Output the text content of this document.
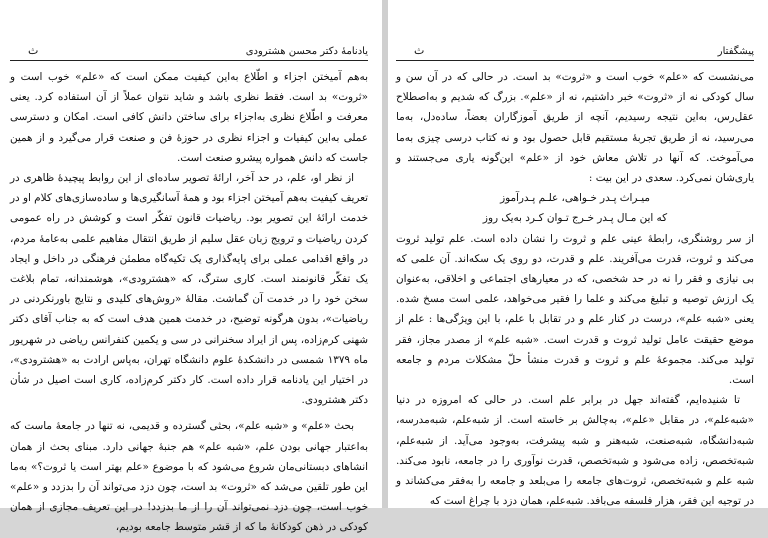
يادنامهٔ دکتر محسن هشترودی
ث

به‌هم آميختن اجزاء و اطّلاع به‌اين کيفيت ممکن است که «علم» خوب است و «ثروت» بد است. فقط نظری باشد و شايد نتوان عملاً از آن استفاده کرد. يعنی معرفت و اطّلاع نظری به‌اجزاء برای ساختن دانش کافی است. امکان و دسترسی عملی به‌اين کيفيات و اجزاء نظری در حوزهٔ فن و صنعت قرار می‌گيرد و از همين جاست که دانش همواره پيشرو صنعت است.

از نظر او، علم، در حد آخر، ارائهٔ تصوير ساده‌ای از اين روابط پيچيدهٔ ظاهری در تعريف کيفيت به‌هم آميختن اجزاء بود و همهٔ آسانگيری‌ها و ساده‌سازی‌های کلام او در خدمت ارائهٔ اين تصوير بود. رياضيات قانون تفکّر است و کوشش در راه عمومی کردن رياضيات و ترويج زبان عقل سليم از طريق انتقال مفاهيم علمی به‌عامهٔ مردم، در واقع اقدامی عملی برای پايه‌گذاری يک تکيه‌گاه مطمئن فرهنگی در داخل و ايجاد يک تفکّر قانونمند است. کاری سترگ، که «هشترودی»، هوشمندانه، تمام بلاغت سخن خود را در خدمت آن گماشت. مقالهٔ «روش‌های کليدی و نتايج باورنکردنی در رياضيات»، بدون هرگونه توضيح، در خدمت همين هدف است که به جناب آقای دکتر شهنی کرم‌زاده، پس از ايراد سخنرانی در سی و يکمين کنفرانس رياضی در شهريور ماه ۱۳۷۹ شمسی در دانشکدهٔ علوم دانشگاه تهران، به‌پاس ارادت به «هشترودی»، در اختيار اين يادنامه قرار داده است. کار دکتر کرم‌زاده، کاری است اصيل در شأن دکتر هشترودی.

بحث «علم» و «شبه علم»، بحثی گسترده و قديمی، نه تنها در جامعهٔ ماست که به‌اعتبار جهانی بودن علم، «شبه علم» هم جنبهٔ جهانی دارد. مبنای بحث از همان انشاهای دبستانی‌مان شروع می‌شود که با موضوع «علم بهتر است يا ثروت؟» به‌ما اين طور تلقين می‌شد که «ثروت» بد است، چون دزد می‌تواند آن را بدزدد و «علم» خوب است، چون دزد نمی‌تواند آن را از ما بدزدد! در اين تعريف مجازی از همان کودکی در ذهن کودکانهٔ ما که از قشر متوسط جامعه بوديم،

پيشگفتار
ث

می‌نشست که «علم» خوب است و «ثروت» بد است. در حالی که در آن سن و سال کودکی نه از «ثروت» خبر داشتيم، نه از «علم». بزرگ که شديم و به‌اصطلاح عقل‌رس، به‌اين نتيجه رسيديم، آنچه از طريق آموزگاران بعضاً، ساده‌دل، به‌ما می‌رسيد، نه از طريق تجربهٔ مستقيم قابل حصول بود و نه کتاب درسی چيزی به‌ما می‌آموخت. که آنها در تلاش معاش خود از «علم» اين‌گونه ياری می‌جستند و ياری‌شان نمی‌کرد. سعدی در اين بيت :

ميـراث پـدر خـواهی، علـم پـدرآموز
که اين مـال پـدر خـرج تـوان کـرد به‌يک روز

از سر روشنگری، رابطهٔ عينی علم و ثروت را نشان داده است. علم توليد ثروت می‌کند و ثروت، قدرت می‌آفريند. علم و قدرت، دو روی يک سکه‌اند. آن علمی که بی نيازی و فقر را نه در حد شخصی، که در معيارهای اجتماعی و اخلاقی، به‌عنوان يک ارزش توصيه و تبليغ می‌کند و علما را فقير می‌خواهد، علمی است مسخ شده. يعنی «شبه علم»، درست در کنار علم و در تقابل با علم، با اين ويژگی‌ها : علم از موضع حقيقت عامل توليد ثروت و قدرت است. «شبه علم» از مصدر مجاز، فقر توليد می‌کند. مجموعهٔ علم و ثروت و قدرت منشأ حلّ مشکلات مردم و جامعه است.

تا شنيده‌ايم، گفته‌اند جهل در برابر علم است. در حالی که امروزه در دنيا «شبه‌علم»، در مقابل «علم»، به‌چالش بر خاسته است. از شبه‌علم، شبه‌مدرسه، شبه‌دانشگاه، شبه‌صنعت، شبه‌هنر و شبه پيشرفت، به‌وجود می‌آيد. از شبه‌علم، شبه‌تخصص، زاده می‌شود و شبه‌تخصص، قدرت نوآوری را در جامعه، نابود می‌کند. شبه علم و شبه‌تخصص، ثروت‌های جامعه را می‌بلعد و جامعه را به‌فقر می‌کشاند و در توجيه اين فقر، هزار فلسفه می‌بافد. شبه‌علم، همان دزد با چراغ است که
